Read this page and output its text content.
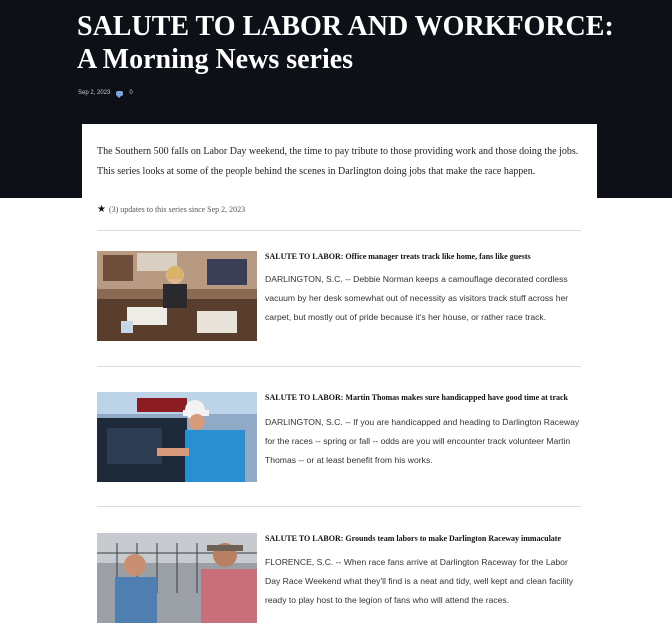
SALUTE TO LABOR AND WORKFORCE: A Morning News series
Sep 2, 2023	0

The Southern 500 falls on Labor Day weekend, the time to pay tribute to those providing work and those doing the jobs. This series looks at some of the people behind the scenes in Darlington doing jobs that make the race happen.

★ (3) updates to this series since Sep 2, 2023
SALUTE TO LABOR: Office manager treats track like home, fans like guests

DARLINGTON, S.C. -- Debbie Norman keeps a camouflage decorated cordless vacuum by her desk somewhat out of necessity as visitors track stuff across her carpet, but mostly out of pride because it's her house, or rather race track.

SALUTE TO LABOR: Martin Thomas makes sure handicapped have good time at track

DARLINGTON, S.C. -- If you are handicapped and heading to Darlington Raceway for the races -- spring or fall -- odds are you will encounter track volunteer Martin Thomas -- or at least benefit from his works.

SALUTE TO LABOR: Grounds team labors to make Darlington Raceway immaculate

FLORENCE, S.C. -- When race fans arrive at Darlington Raceway for the Labor Day Race Weekend what they'll find is a neat and tidy, well kept and clean facility ready to play host to the legion of fans who will attend the races.
